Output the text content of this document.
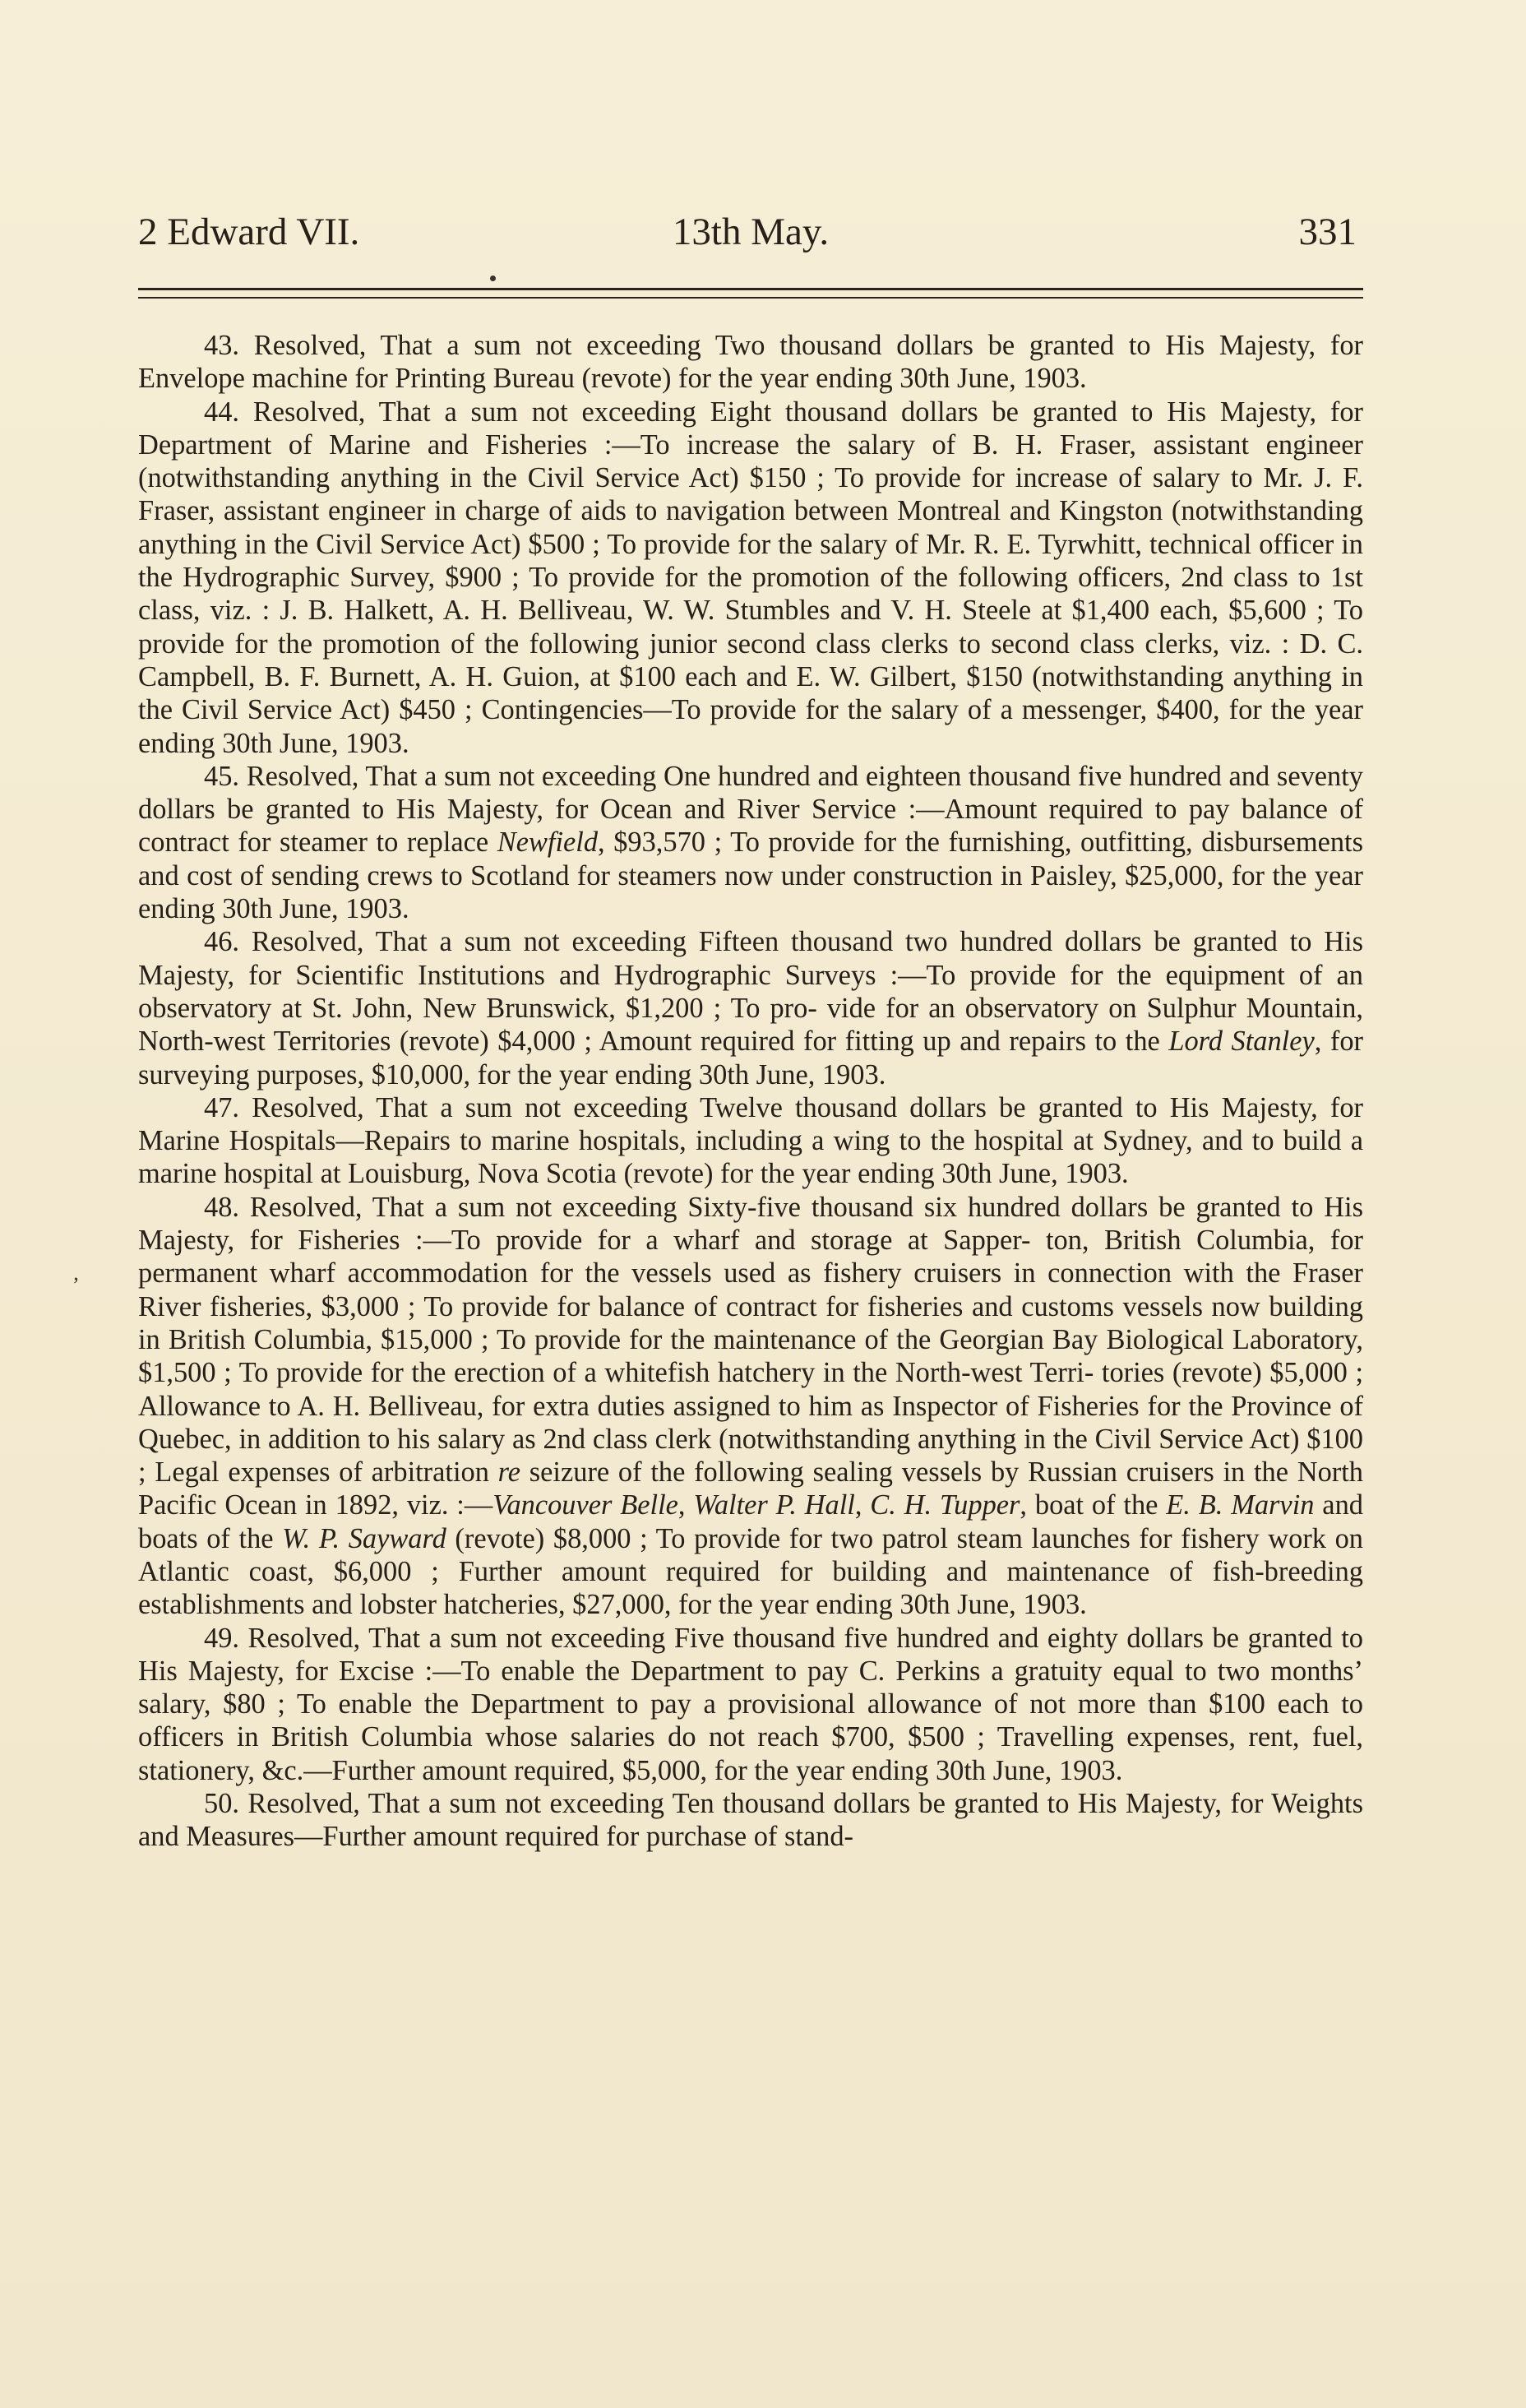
2 Edward VII.	13th May.	331
ʼ

43. Resolved, That a sum not exceeding Two thousand dollars be granted to His Majesty, for Envelope machine for Printing Bureau (revote) for the year ending 30th June, 1903.

44. Resolved, That a sum not exceeding Eight thousand dollars be granted to His Majesty, for Department of Marine and Fisheries :—To increase the salary of B. H. Fraser, assistant engineer (notwithstanding anything in the Civil Service Act) $150 ; To provide for increase of salary to Mr. J. F. Fraser, assistant engineer in charge of aids to navigation between Montreal and Kingston (notwithstanding anything in the Civil Service Act) $500 ; To provide for the salary of Mr. R. E. Tyrwhitt, technical officer in the Hydrographic Survey, $900 ; To provide for the promotion of the following officers, 2nd class to 1st class, viz. : J. B. Halkett, A. H. Belliveau, W. W. Stumbles and V. H. Steele at $1,400 each, $5,600 ; To provide for the promotion of the following junior second class clerks to second class clerks, viz. : D. C. Campbell, B. F. Burnett, A. H. Guion, at $100 each and E. W. Gilbert, $150 (notwithstanding anything in the Civil Service Act) $450 ; Contingencies—To provide for the salary of a messenger, $400, for the year ending 30th June, 1903.

45. Resolved, That a sum not exceeding One hundred and eighteen thousand five hundred and seventy dollars be granted to His Majesty, for Ocean and River Service :—Amount required to pay balance of contract for steamer to replace Newfield, $93,570 ; To provide for the furnishing, outfitting, disbursements and cost of sending crews to Scotland for steamers now under construction in Paisley, $25,000, for the year ending 30th June, 1903.

46. Resolved, That a sum not exceeding Fifteen thousand two hundred dollars be granted to His Majesty, for Scientific Institutions and Hydrographic Surveys :—To provide for the equipment of an observatory at St. John, New Brunswick, $1,200 ; To pro- vide for an observatory on Sulphur Mountain, North-west Territories (revote) $4,000 ; Amount required for fitting up and repairs to the Lord Stanley, for surveying purposes, $10,000, for the year ending 30th June, 1903.

47. Resolved, That a sum not exceeding Twelve thousand dollars be granted to His Majesty, for Marine Hospitals—Repairs to marine hospitals, including a wing to the hospital at Sydney, and to build a marine hospital at Louisburg, Nova Scotia (revote) for the year ending 30th June, 1903.

48. Resolved, That a sum not exceeding Sixty-five thousand six hundred dollars be granted to His Majesty, for Fisheries :—To provide for a wharf and storage at Sapper- ton, British Columbia, for permanent wharf accommodation for the vessels used as fishery cruisers in connection with the Fraser River fisheries, $3,000 ; To provide for balance of contract for fisheries and customs vessels now building in British Columbia, $15,000 ; To provide for the maintenance of the Georgian Bay Biological Laboratory, $1,500 ; To provide for the erection of a whitefish hatchery in the North-west Terri- tories (revote) $5,000 ; Allowance to A. H. Belliveau, for extra duties assigned to him as Inspector of Fisheries for the Province of Quebec, in addition to his salary as 2nd class clerk (notwithstanding anything in the Civil Service Act) $100 ; Legal expenses of arbitration re seizure of the following sealing vessels by Russian cruisers in the North Pacific Ocean in 1892, viz. :—Vancouver Belle, Walter P. Hall, C. H. Tupper, boat of the E. B. Marvin and boats of the W. P. Sayward (revote) $8,000 ; To provide for two patrol steam launches for fishery work on Atlantic coast, $6,000 ; Further amount required for building and maintenance of fish-breeding establishments and lobster hatcheries, $27,000, for the year ending 30th June, 1903.

49. Resolved, That a sum not exceeding Five thousand five hundred and eighty dollars be granted to His Majesty, for Excise :—To enable the Department to pay C. Perkins a gratuity equal to two months’ salary, $80 ; To enable the Department to pay a provisional allowance of not more than $100 each to officers in British Columbia whose salaries do not reach $700, $500 ; Travelling expenses, rent, fuel, stationery, &c.—Further amount required, $5,000, for the year ending 30th June, 1903.

50. Resolved, That a sum not exceeding Ten thousand dollars be granted to His Majesty, for Weights and Measures—Further amount required for purchase of stand-
